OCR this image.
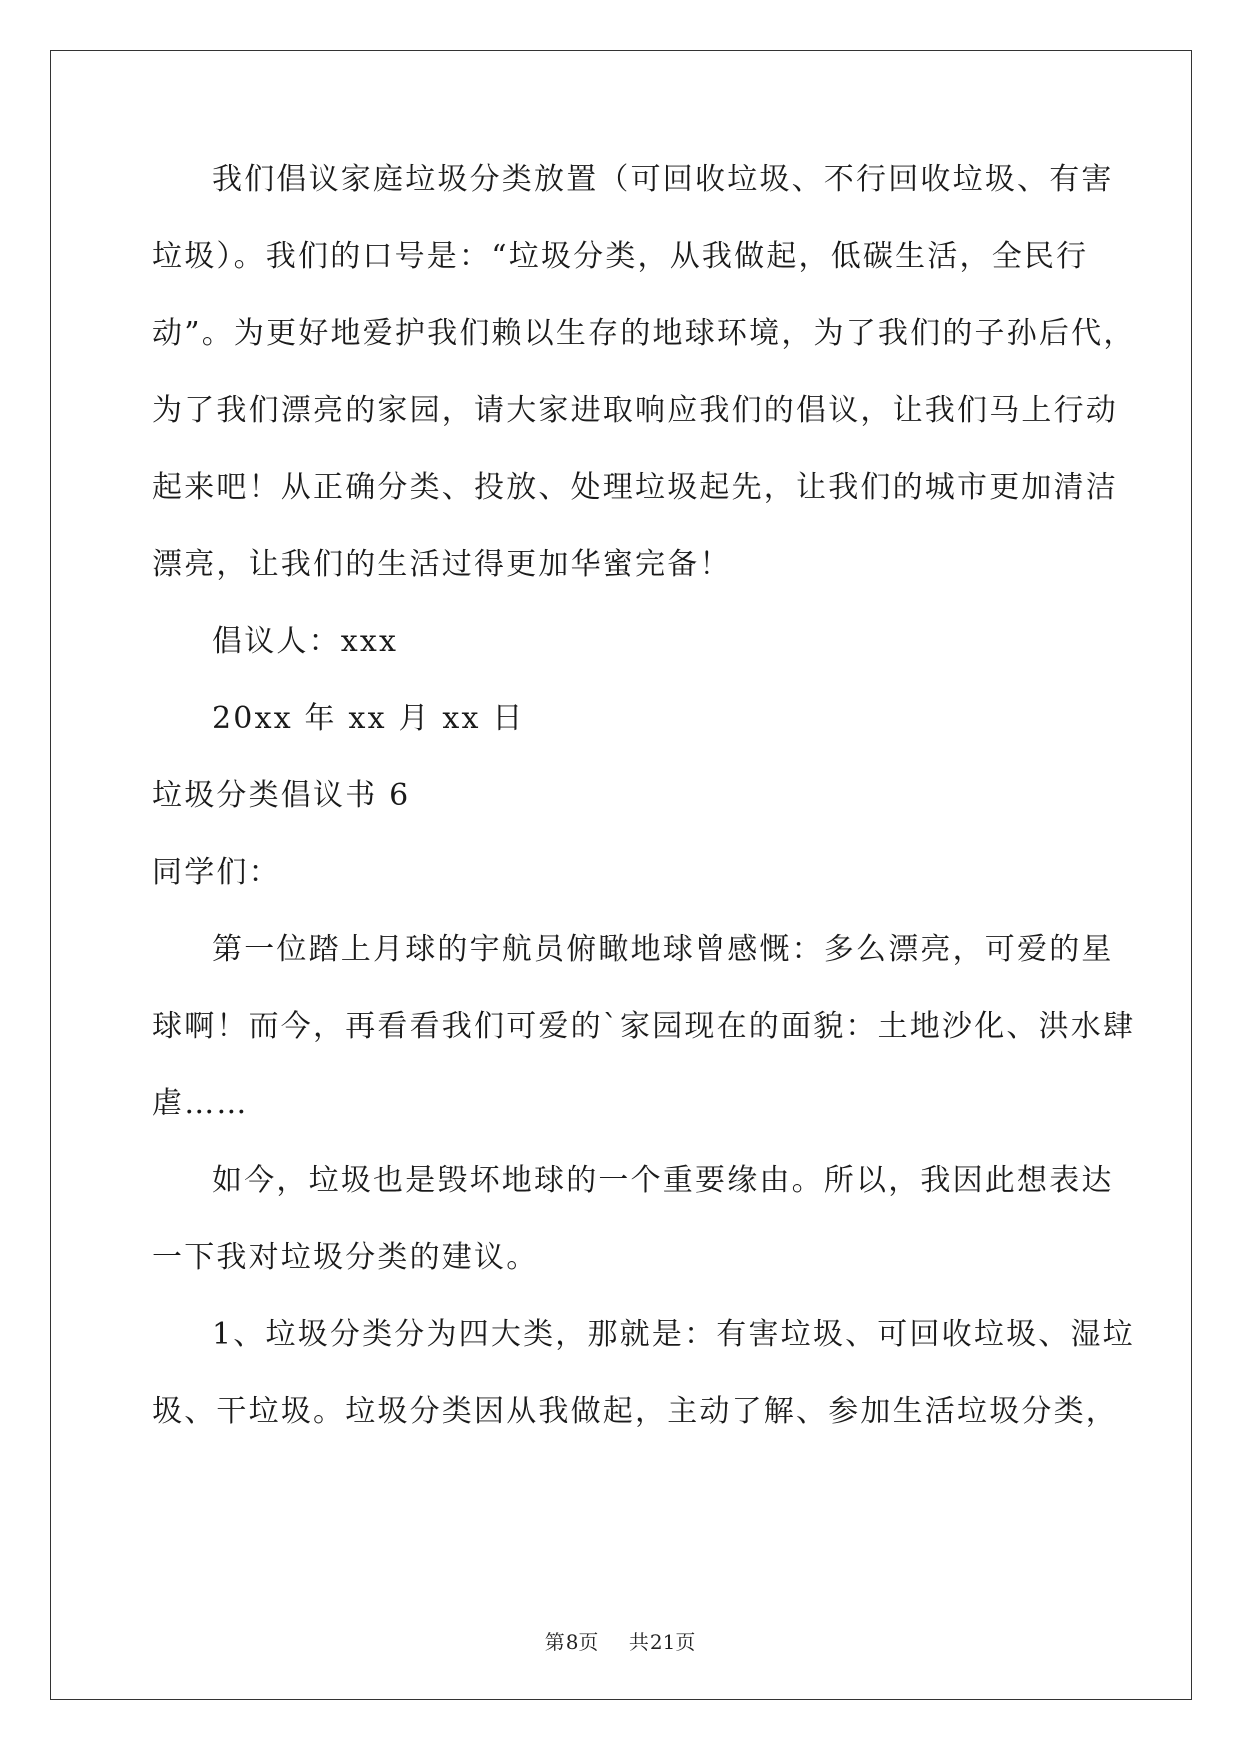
我们倡议家庭垃圾分类放置（可回收垃圾、不行回收垃圾、有害
垃圾）。我们的口号是：“垃圾分类，从我做起，低碳生活，全民行
动”。为更好地爱护我们赖以生存的地球环境，为了我们的子孙后代，
为了我们漂亮的家园，请大家进取响应我们的倡议，让我们马上行动
起来吧！从正确分类、投放、处理垃圾起先，让我们的城市更加清洁
漂亮，让我们的生活过得更加华蜜完备！
倡议人：xxx
20xx 年 xx 月 xx 日
垃圾分类倡议书 6
同学们：
第一位踏上月球的宇航员俯瞰地球曾感慨：多么漂亮，可爱的星
球啊！而今，再看看我们可爱的`家园现在的面貌：土地沙化、洪水肆
虐……
如今，垃圾也是毁坏地球的一个重要缘由。所以，我因此想表达
一下我对垃圾分类的建议。
1、垃圾分类分为四大类，那就是：有害垃圾、可回收垃圾、湿垃
圾、干垃圾。垃圾分类因从我做起，主动了解、参加生活垃圾分类，
第8页 共21页
